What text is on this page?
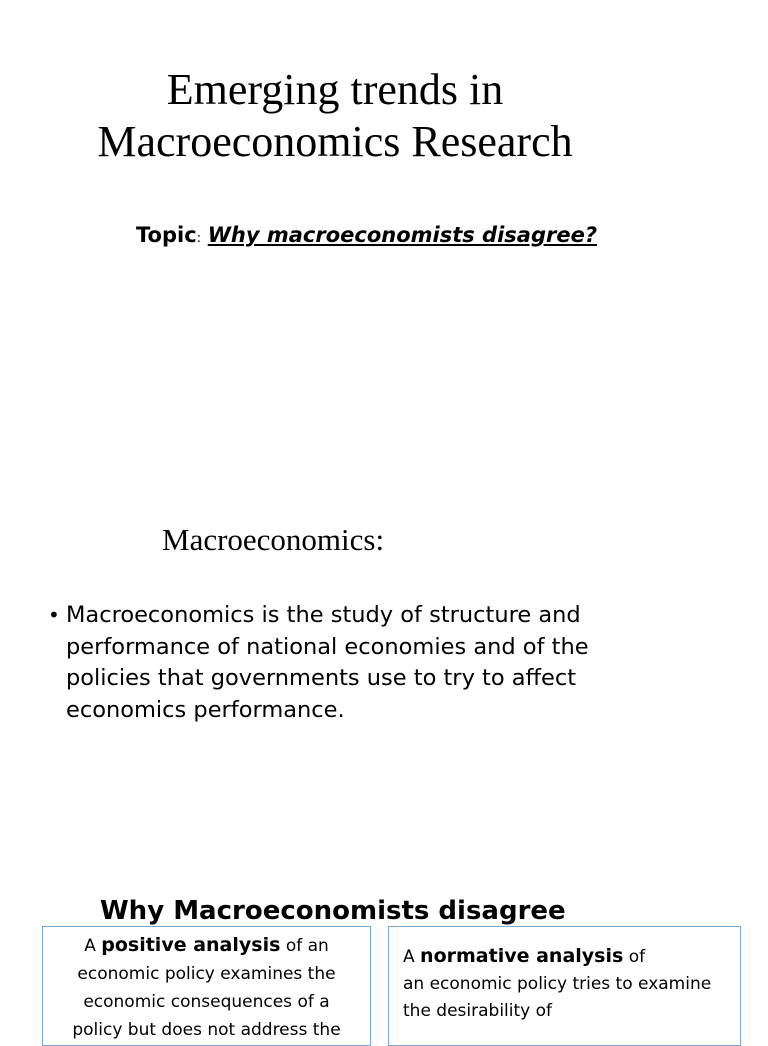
Emerging trends in
Macroeconomics Research
Topic: Why macroeconomists disagree?
Macroeconomics:
• Macroeconomics is the study of structure and performance of national economies and of the policies that governments use to try to affect economics performance.
Why Macroeconomists disagree
A positive analysis of an
economic policy examines the
economic consequences of a
policy but does not address the
A normative analysis of
an economic policy tries to examine
the desirability of
